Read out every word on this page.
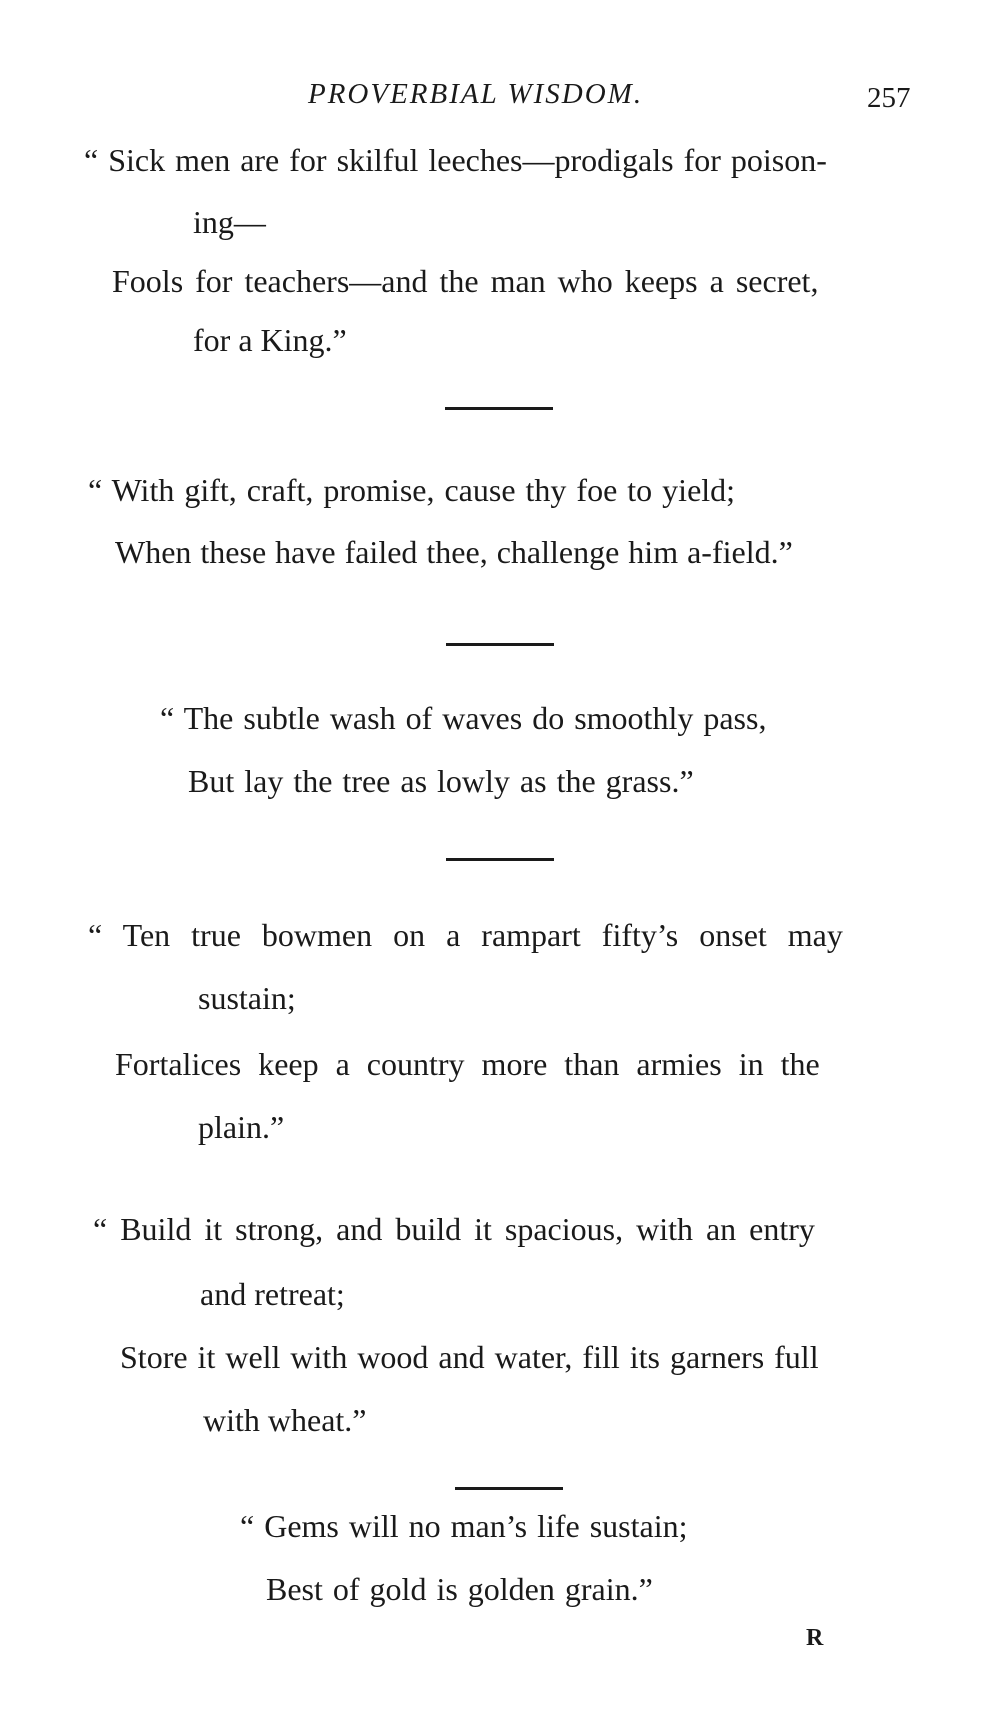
PROVERBIAL WISDOM.	257
“ Sick men are for skilful leeches—prodigals for poison-
ing—
Fools for teachers—and the man who keeps a secret,
for a King.”
“ With gift, craft, promise, cause thy foe to yield;
When these have failed thee, challenge him a-field.”
“ The subtle wash of waves do smoothly pass,
But lay the tree as lowly as the grass.”
“ Ten true bowmen on a rampart fifty’s onset may
sustain;
Fortalices keep a country more than armies in the
plain.”
“ Build it strong, and build it spacious, with an entry
and retreat;
Store it well with wood and water, fill its garners full
with wheat.”
“ Gems will no man’s life sustain;
Best of gold is golden grain.”
R
